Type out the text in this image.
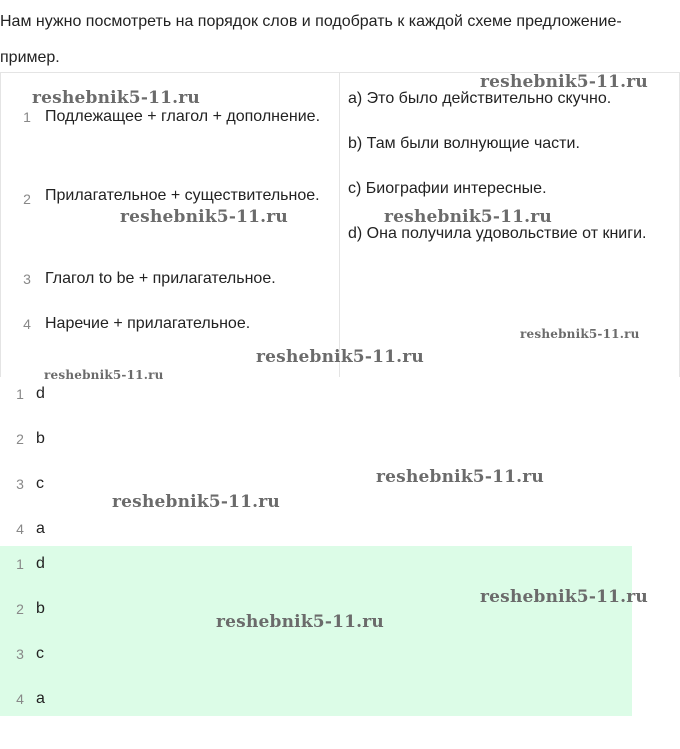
Нам нужно посмотреть на порядок слов и подобрать к каждой схеме предложение-пример.

1 Подлежащее + глагол + дополнение.
2 Прилагательное + существительное.
3 Глагол to be + прилагательное.
4 Наречие + прилагательное.
a) Это было действительно скучно.
b) Там были волнующие части.
c) Биографии интересные.
d) Она получила удовольствие от книги.
1 d
2 b
3 c
4 a
1 d
2 b
3 c
4 a
reshebnik5-11.ru
reshebnik5-11.ru
reshebnik5-11.ru	reshebnik5-11.ru
reshebnik5-11.ru
reshebnik5-11.ru
reshebnik5-11.ru
reshebnik5-11.ru
reshebnik5-11.ru
reshebnik5-11.ru
reshebnik5-11.ru
